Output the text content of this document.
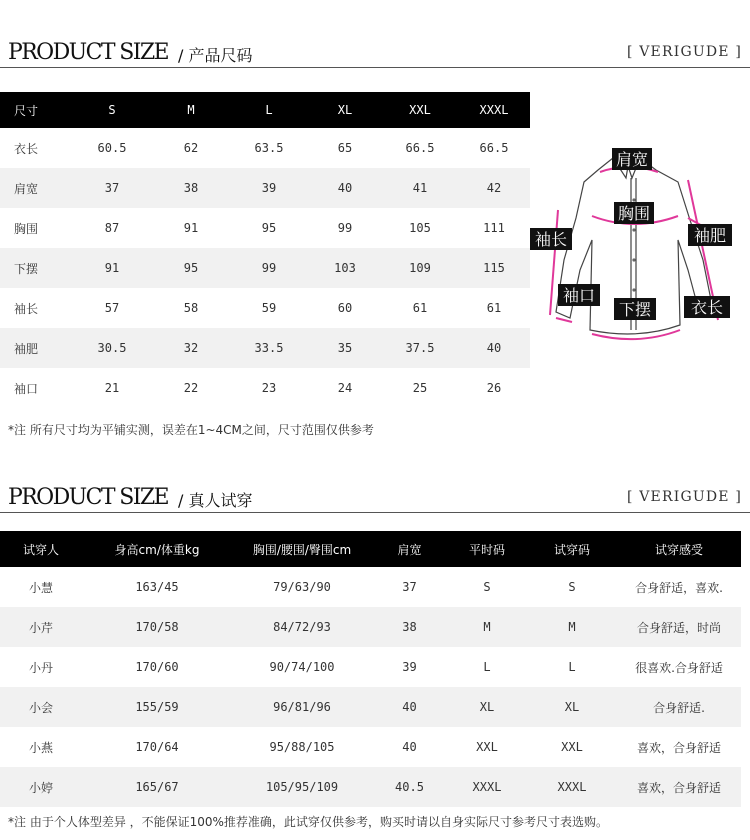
PRODUCT SIZE / 产品尺码	[ VERIGUDE ]
尺寸	S	M	L	XL	XXL	XXXL
衣长	60.5	62	63.5	65	66.5	66.5
肩宽	37	38	39	40	41	42
胸围	87	91	95	99	105	111
下摆	91	95	99	103	109	115
袖长	57	58	59	60	61	61
袖肥	30.5	32	33.5	35	37.5	40
袖口	21	22	23	24	25	26
肩宽
胸围
袖长	袖肥
袖口
下摆 衣长
*注 所有尺寸均为平铺实测，误差在1~4CM之间，尺寸范围仅供参考
PRODUCT SIZE / 真人试穿	[ VERIGUDE ]
试穿人	身高cm/体重kg	胸围/腰围/臀围cm	肩宽	平时码	试穿码	试穿感受
小慧	163/45	79/63/90	37	S	S	合身舒适，喜欢.
小芹	170/58	84/72/93	38	M	M	合身舒适，时尚
小丹	170/60	90/74/100	39	L	L	很喜欢.合身舒适
小会	155/59	96/81/96	40	XL	XL	合身舒适.
小燕	170/64	95/88/105	40	XXL	XXL	喜欢，合身舒适
小婷	165/67	105/95/109	40.5	XXXL	XXXL	喜欢，合身舒适
*注 由于个人体型差异 ，不能保证100%推荐准确，此试穿仅供参考，购买时请以自身实际尺寸参考尺寸表选购。
